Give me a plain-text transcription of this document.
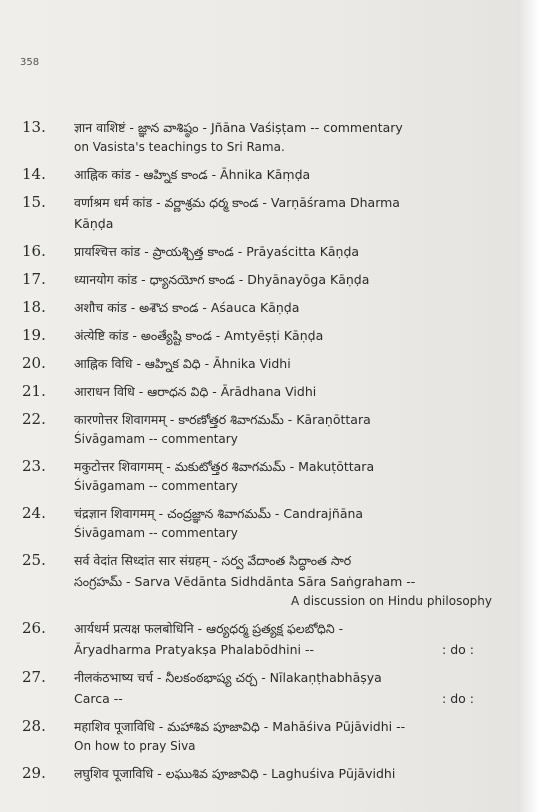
358
13.	ज्ञान वाशिष्टं - జ్ఞాన వాశిష్ఠం - Jñāna Vaśiṣṭam -- commentary
on Vasista's teachings to Sri Rama.
14.	आह्निक कांड - ఆహ్నిక కాండ - Āhnika Kāṃḍa
15.	वर्णाश्रम धर्म कांड - వర్ణాశ్రమ ధర్మ కాండ - Varṇāśrama Dharma
Kāṇḍa
16.	प्रायश्चित्त कांड - ప్రాయశ్చిత్త కాండ - Prāyaścitta Kāṇḍa
17.	ध्यानयोग कांड - ధ్యానయోగ కాండ - Dhyānayōga Kāṇḍa
18.	अशौच कांड - అశౌచ కాండ - Aśauca Kāṇḍa
19.	अंत्येष्टि कांड - అంత్యేష్టి కాండ - Amtyēṣṭi Kāṇḍa
20.	आह्निक विधि - ఆహ్నిక విధి - Āhnika Vidhi
21.	आराधन विधि - ఆరాధన విధి - Ārādhana Vidhi
22.	कारणोत्तर शिवागमम् - కారణోత్తర శివాగమమ్ - Kāraṇōttara
Śivāgamam -- commentary
23.	मकुटोत्तर शिवागमम् - మకుటోత్తర శివాగమమ్ - Makuṭōttara
Śivāgamam -- commentary
24.	चंद्रज्ञान शिवागमम् - చంద్రజ్ఞాన శివాగమమ్ - Candrajñāna
Śivāgamam -- commentary
25.	सर्व वेदांत सिध्दांत सार संग्रहम् - సర్వ వేదాంత సిద్ధాంత సార
సంగ్రహమ్ - Sarva Vēdānta Sidhdānta Sāra Saṅgraham --
A discussion on Hindu philosophy
26.	आर्यधर्म प्रत्यक्ष फलबोधिनि - ఆర్యధర్మ ప్రత్యక్ష ఫలబోధిని -
Āryadharma Pratyakṣa Phalabōdhini --	: do :
27.	नीलकंठभाष्य चर्च - నీలకంఠభాష్య చర్చ - Nīlakaṇṭhabhāṣya
Carca --	: do :
28.	महाशिव पूजाविधि - మహాశివ పూజావిధి - Mahāśiva Pūjāvidhi --
On how to pray Siva
29.	लघुशिव पूजाविधि - లఘుశివ పూజావిధి - Laghuśiva Pūjāvidhi
